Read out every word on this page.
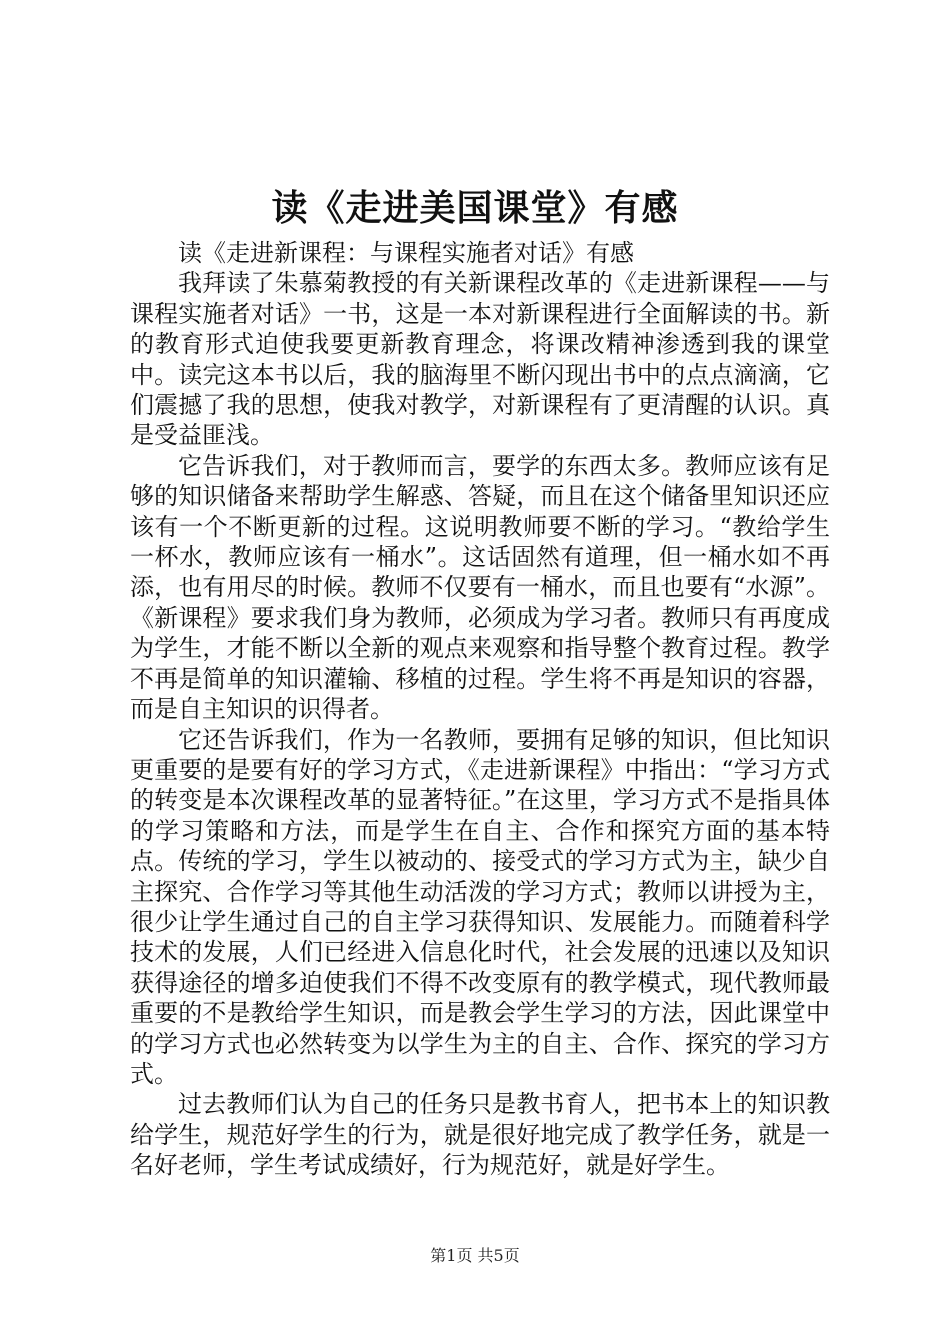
读《走进美国课堂》有感

读《走进新课程：与课程实施者对话》有感

我拜读了朱慕菊教授的有关新课程改革的《走进新课程——与课程实施者对话》一书，这是一本对新课程进行全面解读的书。新的教育形式迫使我要更新教育理念，将课改精神渗透到我的课堂中。读完这本书以后，我的脑海里不断闪现出书中的点点滴滴，它们震撼了我的思想，使我对教学，对新课程有了更清醒的认识。真是受益匪浅。

它告诉我们，对于教师而言，要学的东西太多。教师应该有足够的知识储备来帮助学生解惑、答疑，而且在这个储备里知识还应该有一个不断更新的过程。这说明教师要不断的学习。“教给学生一杯水，教师应该有一桶水”。这话固然有道理，但一桶水如不再添，也有用尽的时候。教师不仅要有一桶水，而且也要有“水源”。《新课程》要求我们身为教师，必须成为学习者。教师只有再度成为学生，才能不断以全新的观点来观察和指导整个教育过程。教学不再是简单的知识灌输、移植的过程。学生将不再是知识的容器，而是自主知识的识得者。

它还告诉我们，作为一名教师，要拥有足够的知识，但比知识更重要的是要有好的学习方式，《走进新课程》中指出：“学习方式的转变是本次课程改革的显著特征。”在这里，学习方式不是指具体的学习策略和方法，而是学生在自主、合作和探究方面的基本特点。传统的学习，学生以被动的、接受式的学习方式为主，缺少自主探究、合作学习等其他生动活泼的学习方式；教师以讲授为主，很少让学生通过自己的自主学习获得知识、发展能力。而随着科学技术的发展，人们已经进入信息化时代，社会发展的迅速以及知识获得途径的增多迫使我们不得不改变原有的教学模式，现代教师最重要的不是教给学生知识，而是教会学生学习的方法，因此课堂中的学习方式也必然转变为以学生为主的自主、合作、探究的学习方式。

过去教师们认为自己的任务只是教书育人，把书本上的知识教给学生，规范好学生的行为，就是很好地完成了教学任务，就是一名好老师，学生考试成绩好，行为规范好，就是好学生。

第1页 共5页
